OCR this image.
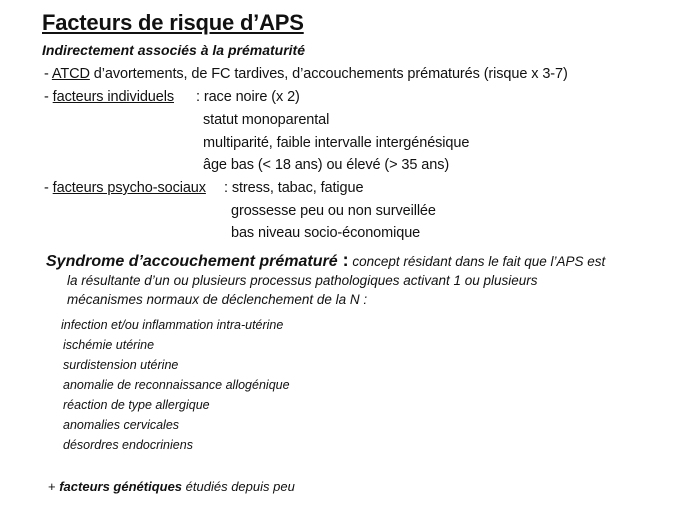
Facteurs de risque d’APS
Indirectement associés à la prématurité
- ATCD d’avortements, de FC tardives, d’accouchements prématurés (risque x 3-7)
- facteurs individuels : race noire (x 2)
statut monoparental
multiparité, faible intervalle intergénésique
âge bas (< 18 ans) ou élevé (> 35 ans)
- facteurs psycho-sociaux : stress, tabac, fatigue
grossesse peu ou non surveillée
bas niveau socio-économique
Syndrome d’accouchement prématuré : concept résidant dans le fait que l’APS est
la résultante d’un ou plusieurs processus pathologiques activant 1 ou plusieurs
mécanismes normaux de déclenchement de la N :
infection et/ou inflammation intra-utérine
ischémie utérine
surdistension utérine
anomalie de reconnaissance allogénique
réaction de type allergique
anomalies cervicales
désordres endocriniens
+ facteurs génétiques étudiés depuis peu
